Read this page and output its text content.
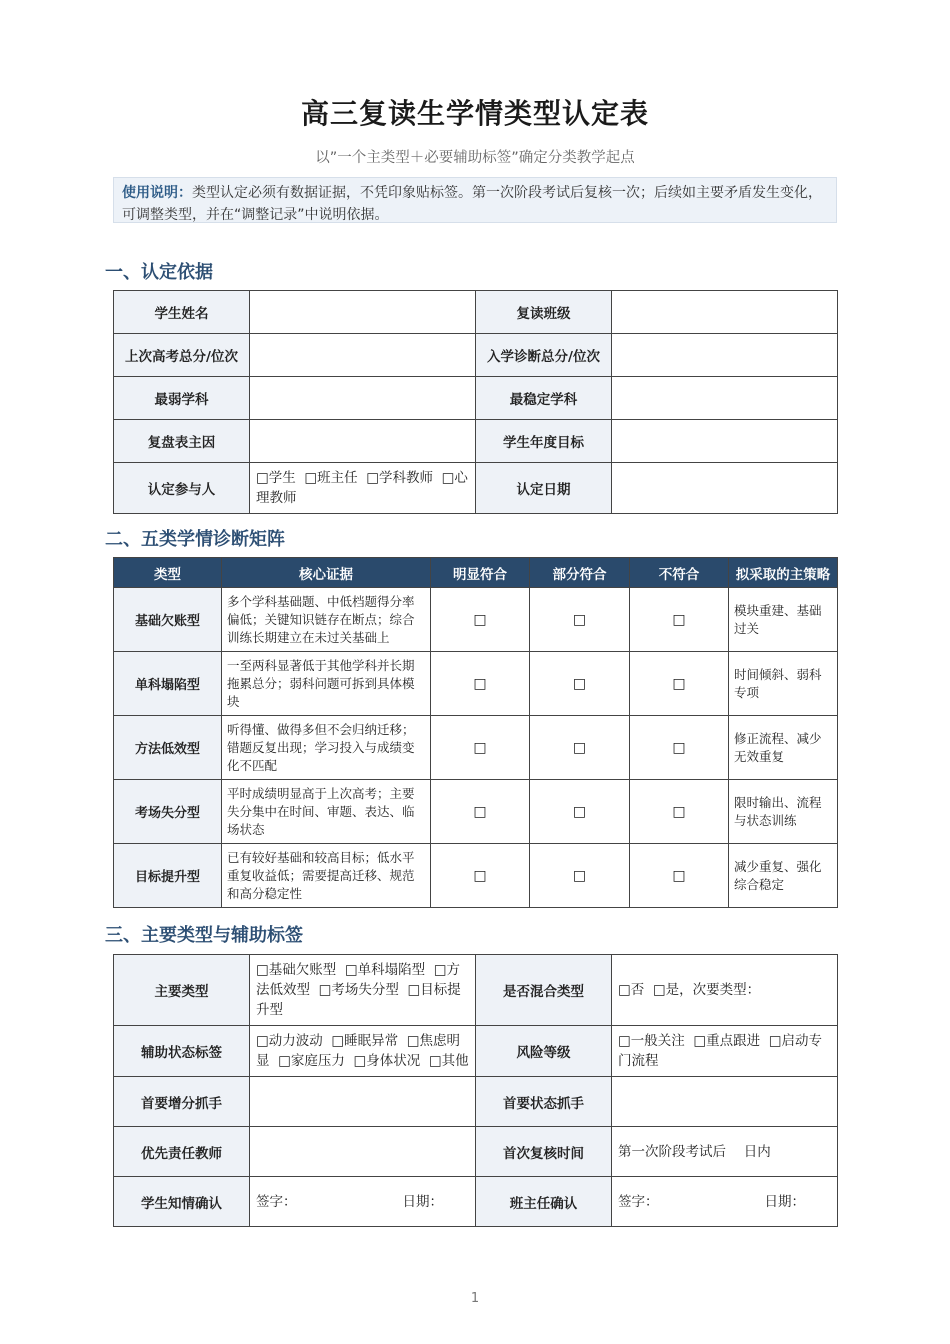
高三复读生学情类型认定表
以”一个主类型＋必要辅助标签”确定分类教学起点
使用说明：类型认定必须有数据证据，不凭印象贴标签。第一次阶段考试后复核一次；后续如主要矛盾发生变化，可调整类型，并在“调整记录”中说明依据。
一、认定依据
学生姓名		复读班级	
上次高考总分/位次		入学诊断总分/位次	
最弱学科		最稳定学科	
复盘表主因		学生年度目标	
认定参与人	□学生 □班主任 □学科教师 □心理教师	认定日期	
二、五类学情诊断矩阵
类型	核心证据	明显符合	部分符合	不符合	拟采取的主策略
基础欠账型	多个学科基础题、中低档题得分率偏低；关键知识链存在断点；综合训练长期建立在未过关基础上	□	□	□	模块重建、基础过关
单科塌陷型	一至两科显著低于其他学科并长期拖累总分；弱科问题可拆到具体模块	□	□	□	时间倾斜、弱科专项
方法低效型	听得懂、做得多但不会归纳迁移；错题反复出现；学习投入与成绩变化不匹配	□	□	□	修正流程、减少无效重复
考场失分型	平时成绩明显高于上次高考；主要失分集中在时间、审题、表达、临场状态	□	□	□	限时输出、流程与状态训练
目标提升型	已有较好基础和较高目标；低水平重复收益低；需要提高迁移、规范和高分稳定性	□	□	□	减少重复、强化综合稳定
三、主要类型与辅助标签
主要类型	□基础欠账型 □单科塌陷型 □方法低效型 □考场失分型 □目标提升型	是否混合类型	□否 □是，次要类型：
辅助状态标签	□动力波动 □睡眠异常 □焦虑明显 □家庭压力 □身体状况 □其他	风险等级	□一般关注 □重点跟进 □启动专门流程
首要增分抓手		首要状态抓手	
优先责任教师		首次复核时间	第一次阶段考试后　 日内
学生知情确认	签字： 日期：	班主任确认	签字： 日期：
1
